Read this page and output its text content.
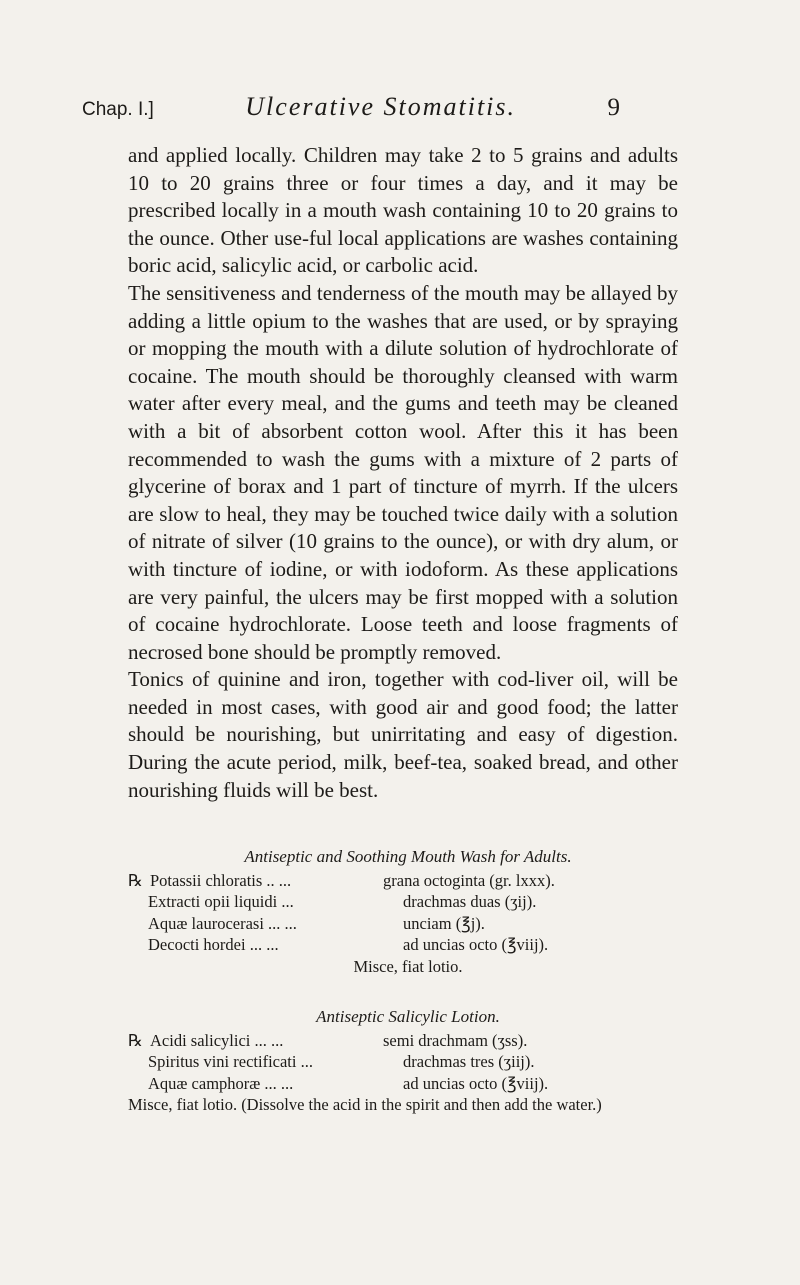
Chap. I.]	Ulcerative Stomatitis.	9

and applied locally. Children may take 2 to 5 grains and adults 10 to 20 grains three or four times a day, and it may be prescribed locally in a mouth wash containing 10 to 20 grains to the ounce. Other use-ful local applications are washes containing boric acid, salicylic acid, or carbolic acid.

The sensitiveness and tenderness of the mouth may be allayed by adding a little opium to the washes that are used, or by spraying or mopping the mouth with a dilute solution of hydrochlorate of cocaine. The mouth should be thoroughly cleansed with warm water after every meal, and the gums and teeth may be cleaned with a bit of absorbent cotton wool. After this it has been recommended to wash the gums with a mixture of 2 parts of glycerine of borax and 1 part of tincture of myrrh. If the ulcers are slow to heal, they may be touched twice daily with a solution of nitrate of silver (10 grains to the ounce), or with dry alum, or with tincture of iodine, or with iodoform. As these applications are very painful, the ulcers may be first mopped with a solution of cocaine hydrochlorate. Loose teeth and loose fragments of necrosed bone should be promptly removed.

Tonics of quinine and iron, together with cod-liver oil, will be needed in most cases, with good air and good food; the latter should be nourishing, but unirritating and easy of digestion. During the acute period, milk, beef-tea, soaked bread, and other nourishing fluids will be best.

Antiseptic and Soothing Mouth Wash for Adults.
℞ Potassii chloratis .. ...	grana octoginta (gr. lxxx).
Extracti opii liquidi ...	drachmas duas (ʒij).
Aquæ laurocerasi ... ...	unciam (℥j).
Decocti hordei ... ...	ad uncias octo (℥viij).
Misce, fiat lotio.
Antiseptic Salicylic Lotion.
℞ Acidi salicylici ... ...	semi drachmam (ʒss).
Spiritus vini rectificati ...	drachmas tres (ʒiij).
Aquæ camphoræ ... ...	ad uncias octo (℥viij).
Misce, fiat lotio. (Dissolve the acid in the spirit and then add the water.)
